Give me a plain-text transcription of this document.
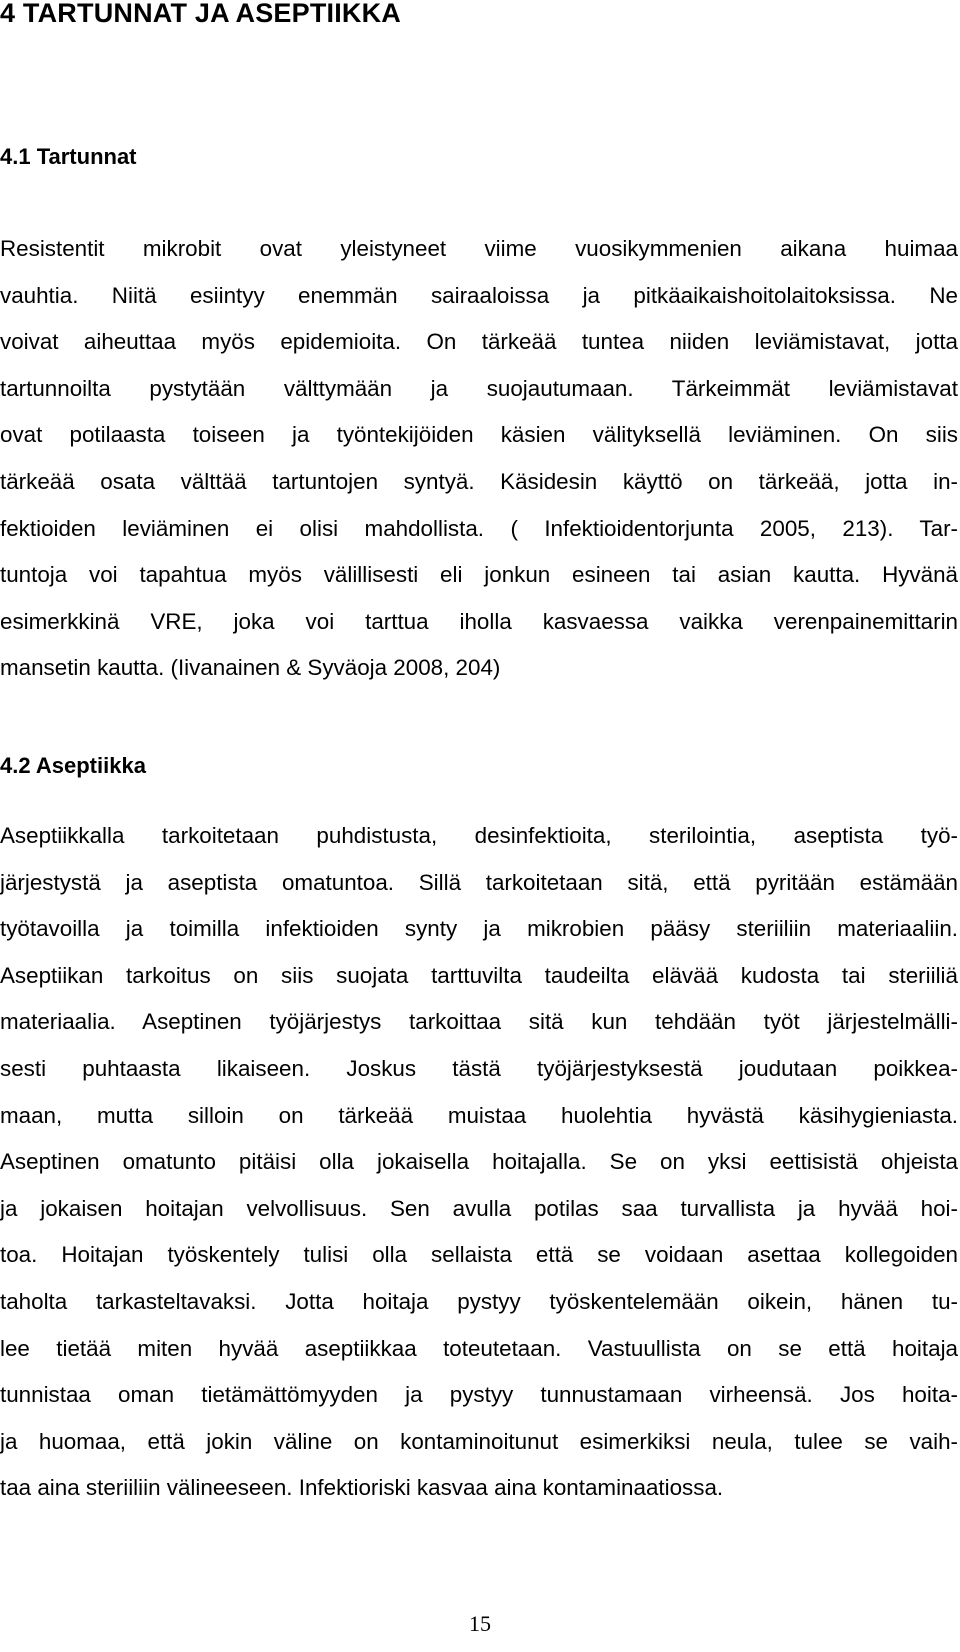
4 TARTUNNAT JA ASEPTIIKKA
4.1 Tartunnat

Resistentit mikrobit ovat yleistyneet viime vuosikymmenien aikana huimaa
vauhtia. Niitä esiintyy enemmän sairaaloissa ja pitkäaikaishoitolaitoksissa. Ne
voivat aiheuttaa myös epidemioita. On tärkeää tuntea niiden leviämistavat, jotta
tartunnoilta pystytään välttymään ja suojautumaan. Tärkeimmät leviämistavat
ovat potilaasta toiseen ja työntekijöiden käsien välityksellä leviäminen. On siis
tärkeää osata välttää tartuntojen syntyä. Käsidesin käyttö on tärkeää, jotta in-
fektioiden leviäminen ei olisi mahdollista. ( Infektioidentorjunta 2005, 213). Tar-
tuntoja voi tapahtua myös välillisesti eli jonkun esineen tai asian kautta. Hyvänä
esimerkkinä VRE, joka voi tarttua iholla kasvaessa vaikka verenpainemittarin
mansetin kautta. (Iivanainen & Syväoja 2008, 204)

4.2 Aseptiikka

Aseptiikkalla tarkoitetaan puhdistusta, desinfektioita, sterilointia, aseptista työ-
järjestystä ja aseptista omatuntoa. Sillä tarkoitetaan sitä, että pyritään estämään
työtavoilla ja toimilla infektioiden synty ja mikrobien pääsy steriiliin materiaaliin.
Aseptiikan tarkoitus on siis suojata tarttuvilta taudeilta elävää kudosta tai steriiliä
materiaalia. Aseptinen työjärjestys tarkoittaa sitä kun tehdään työt järjestelmälli-
sesti puhtaasta likaiseen. Joskus tästä työjärjestyksestä joudutaan poikkea-
maan, mutta silloin on tärkeää muistaa huolehtia hyvästä käsihygieniasta.
Aseptinen omatunto pitäisi olla jokaisella hoitajalla. Se on yksi eettisistä ohjeista
ja jokaisen hoitajan velvollisuus. Sen avulla potilas saa turvallista ja hyvää hoi-
toa. Hoitajan työskentely tulisi olla sellaista että se voidaan asettaa kollegoiden
taholta tarkasteltavaksi. Jotta hoitaja pystyy työskentelemään oikein, hänen tu-
lee tietää miten hyvää aseptiikkaa toteutetaan. Vastuullista on se että hoitaja
tunnistaa oman tietämättömyyden ja pystyy tunnustamaan virheensä. Jos hoita-
ja huomaa, että jokin väline on kontaminoitunut esimerkiksi neula, tulee se vaih-
taa aina steriiliin välineeseen. Infektioriski kasvaa aina kontaminaatiossa.

15
